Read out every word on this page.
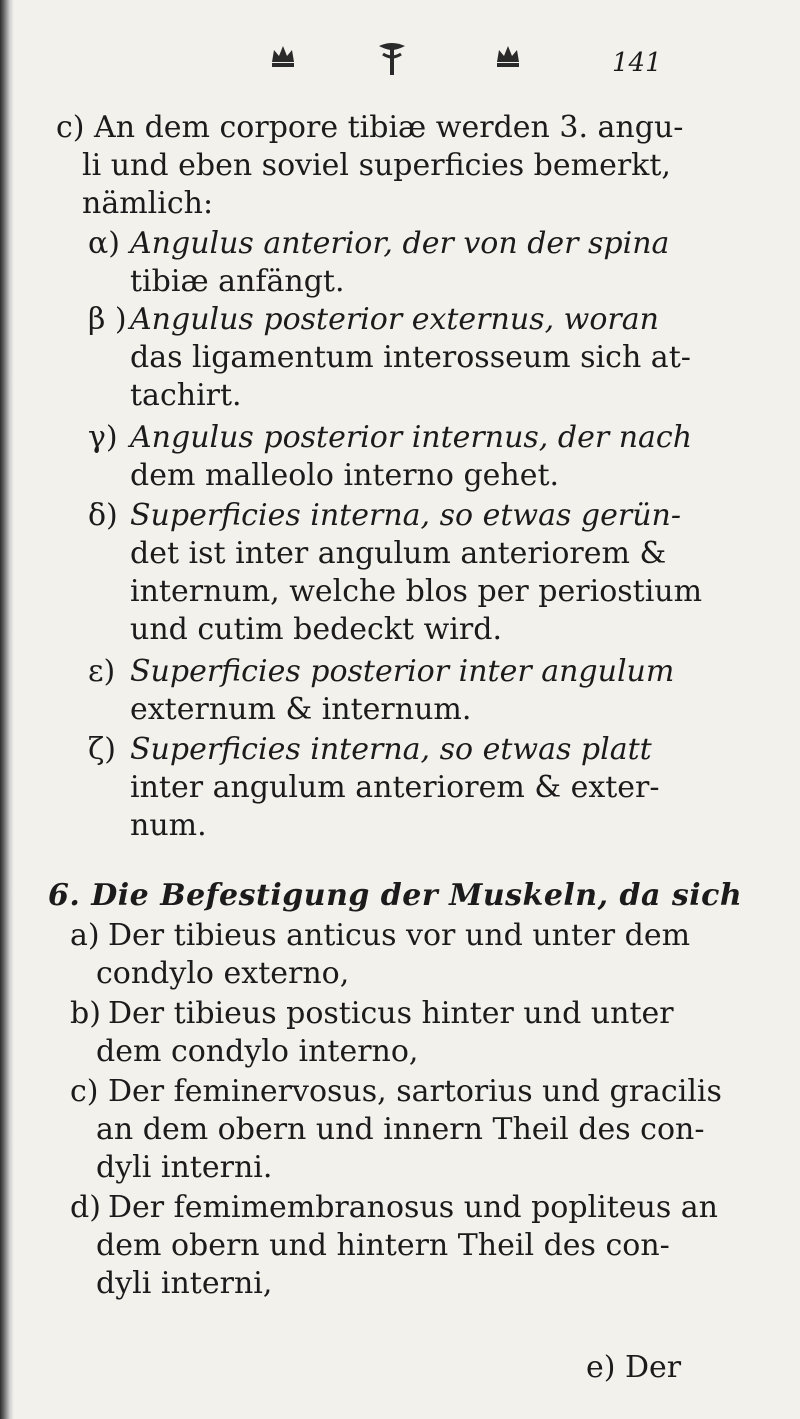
141
c) An dem corpore tibiæ werden 3. angu-
li und eben soviel superficies bemerkt,
nämlich:
α) Angulus anterior, der von der spina
tibiæ anfängt.
β ) Angulus posterior externus, woran
das ligamentum interosseum sich at-
tachirt.
γ) Angulus posterior internus, der nach
dem malleolo interno gehet.
δ) Superficies interna, so etwas gerün-
det ist inter angulum anteriorem &
internum, welche blos per periostium
und cutim bedeckt wird.
ε) Superficies posterior inter angulum
externum & internum.
ζ) Superficies interna, so etwas platt
inter angulum anteriorem & exter-
num.
6. Die Befestigung der Muskeln, da sich
a) Der tibieus anticus vor und unter dem
condylo externo,
b) Der tibieus posticus hinter und unter
dem condylo interno,
c) Der feminervosus, sartorius und gracilis
an dem obern und innern Theil des con-
dyli interni.
d) Der femimembranosus und popliteus an
dem obern und hintern Theil des con-
dyli interni,
e) Der
